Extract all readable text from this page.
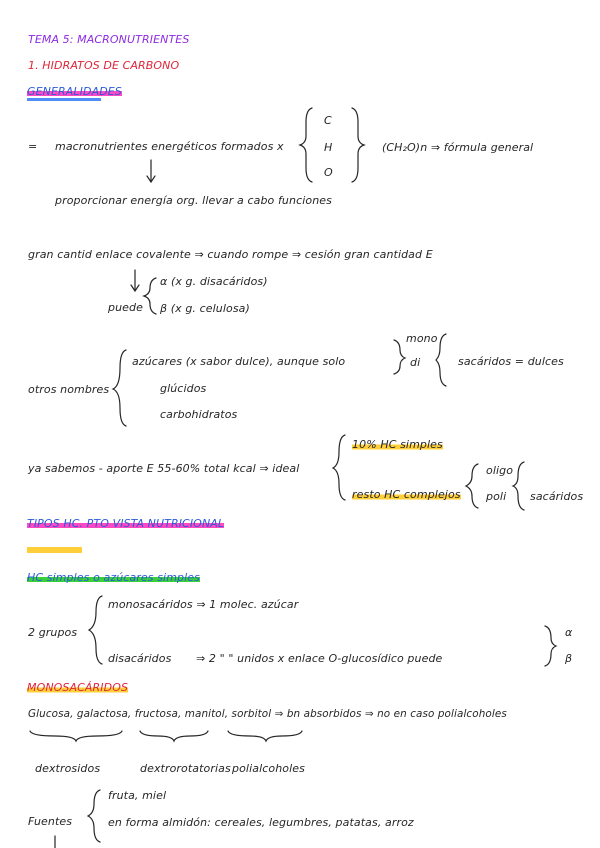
TEMA 5: MACRONUTRIENTES
1. HIDRATOS DE CARBONO
GENERALIDADES
= macronutrientes energéticos formados x
C
H
O
(CH₂O)n ⇒ fórmula general
proporcionar energía org. llevar a cabo funciones
gran cantid enlace covalente ⇒ cuando rompe ⇒ cesión gran cantidad E
puede
α (x g. disacáridos)
β (x g. celulosa)
otros nombres
azúcares (x sabor dulce), aunque solo
mono
di	sacáridos = dulces
glúcidos
carbohidratos
ya sabemos - aporte E 55-60% total kcal ⇒ ideal
10% HC simples
resto HC complejos
oligo
poli sacáridos
TIPOS HC. PTO VISTA NUTRICIONAL
HC simples o azúcares simples
2 grupos
monosacáridos ⇒ 1 molec. azúcar
disacáridos ⇒ 2 " " unidos x enlace O-glucosídico puede
α
β
MONOSACÁRIDOS
Glucosa, galactosa, fructosa, manitol, sorbitol ⇒ bn absorbidos ⇒ no en caso polialcoholes
dextrosidos	dextrorotatorias polialcoholes
Fuentes
fruta, miel
en forma almidón: cereales, legumbres, patatas, arroz
